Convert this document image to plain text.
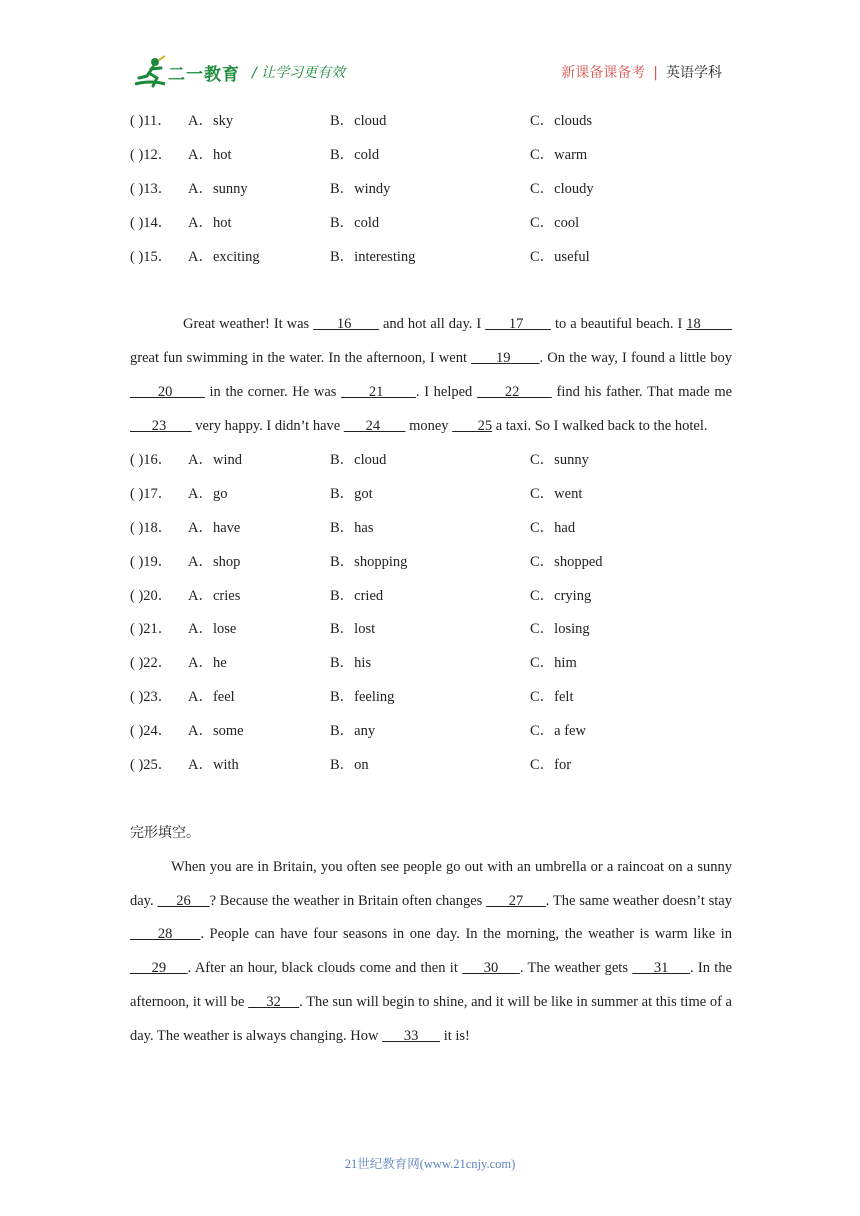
二一教育 / 让学习更有效	新课备课备考 | 英语学科
( )11． A．sky	B．cloud	C．clouds
( )12． A．hot	B．cold	C．warm
( )13． A．sunny	B．windy	C．cloudy
( )14． A．hot	B．cold	C．cool
( )15． A．exciting	B．interesting	C．useful

Great weather! It was       16        and hot all day. I       17        to a beautiful beach. I 18         great fun swimming in the water. In the afternoon, I went       19       . On the way, I found a little boy       20        in the corner. He was       21       . I helped       22        find his father. That made me       23        very happy. I didn’t have       24        money        25 a taxi. So I walked back to the hotel.

( )16． A．wind	B．cloud	C．sunny
( )17． A．go	B．got	C．went
( )18． A．have	B．has	C．had
( )19． A．shop	B．shopping	C．shopped
( )20． A．cries	B．cried	C．crying
( )21． A．lose	B．lost	C．losing
( )22． A．he	B．his	C．him
( )23． A．feel	B．feeling	C．felt
( )24． A．some	B．any	C．a few
( )25． A．with	B．on	C．for
完形填空。

When you are in Britain, you often see people go out with an umbrella or a raincoat on a sunny day.      26     ? Because the weather in Britain often changes       27      . The same weather doesn’t stay      28     . People can have four seasons in one day. In the morning, the weather is warm like in      29     . After an hour, black clouds come and then it      30     . The weather gets      31     . In the afternoon, it will be      32     . The sun will begin to shine, and it will be like in summer at this time of a day. The weather is always changing. How       33       it is!

21世纪教育网(www.21cnjy.com)
